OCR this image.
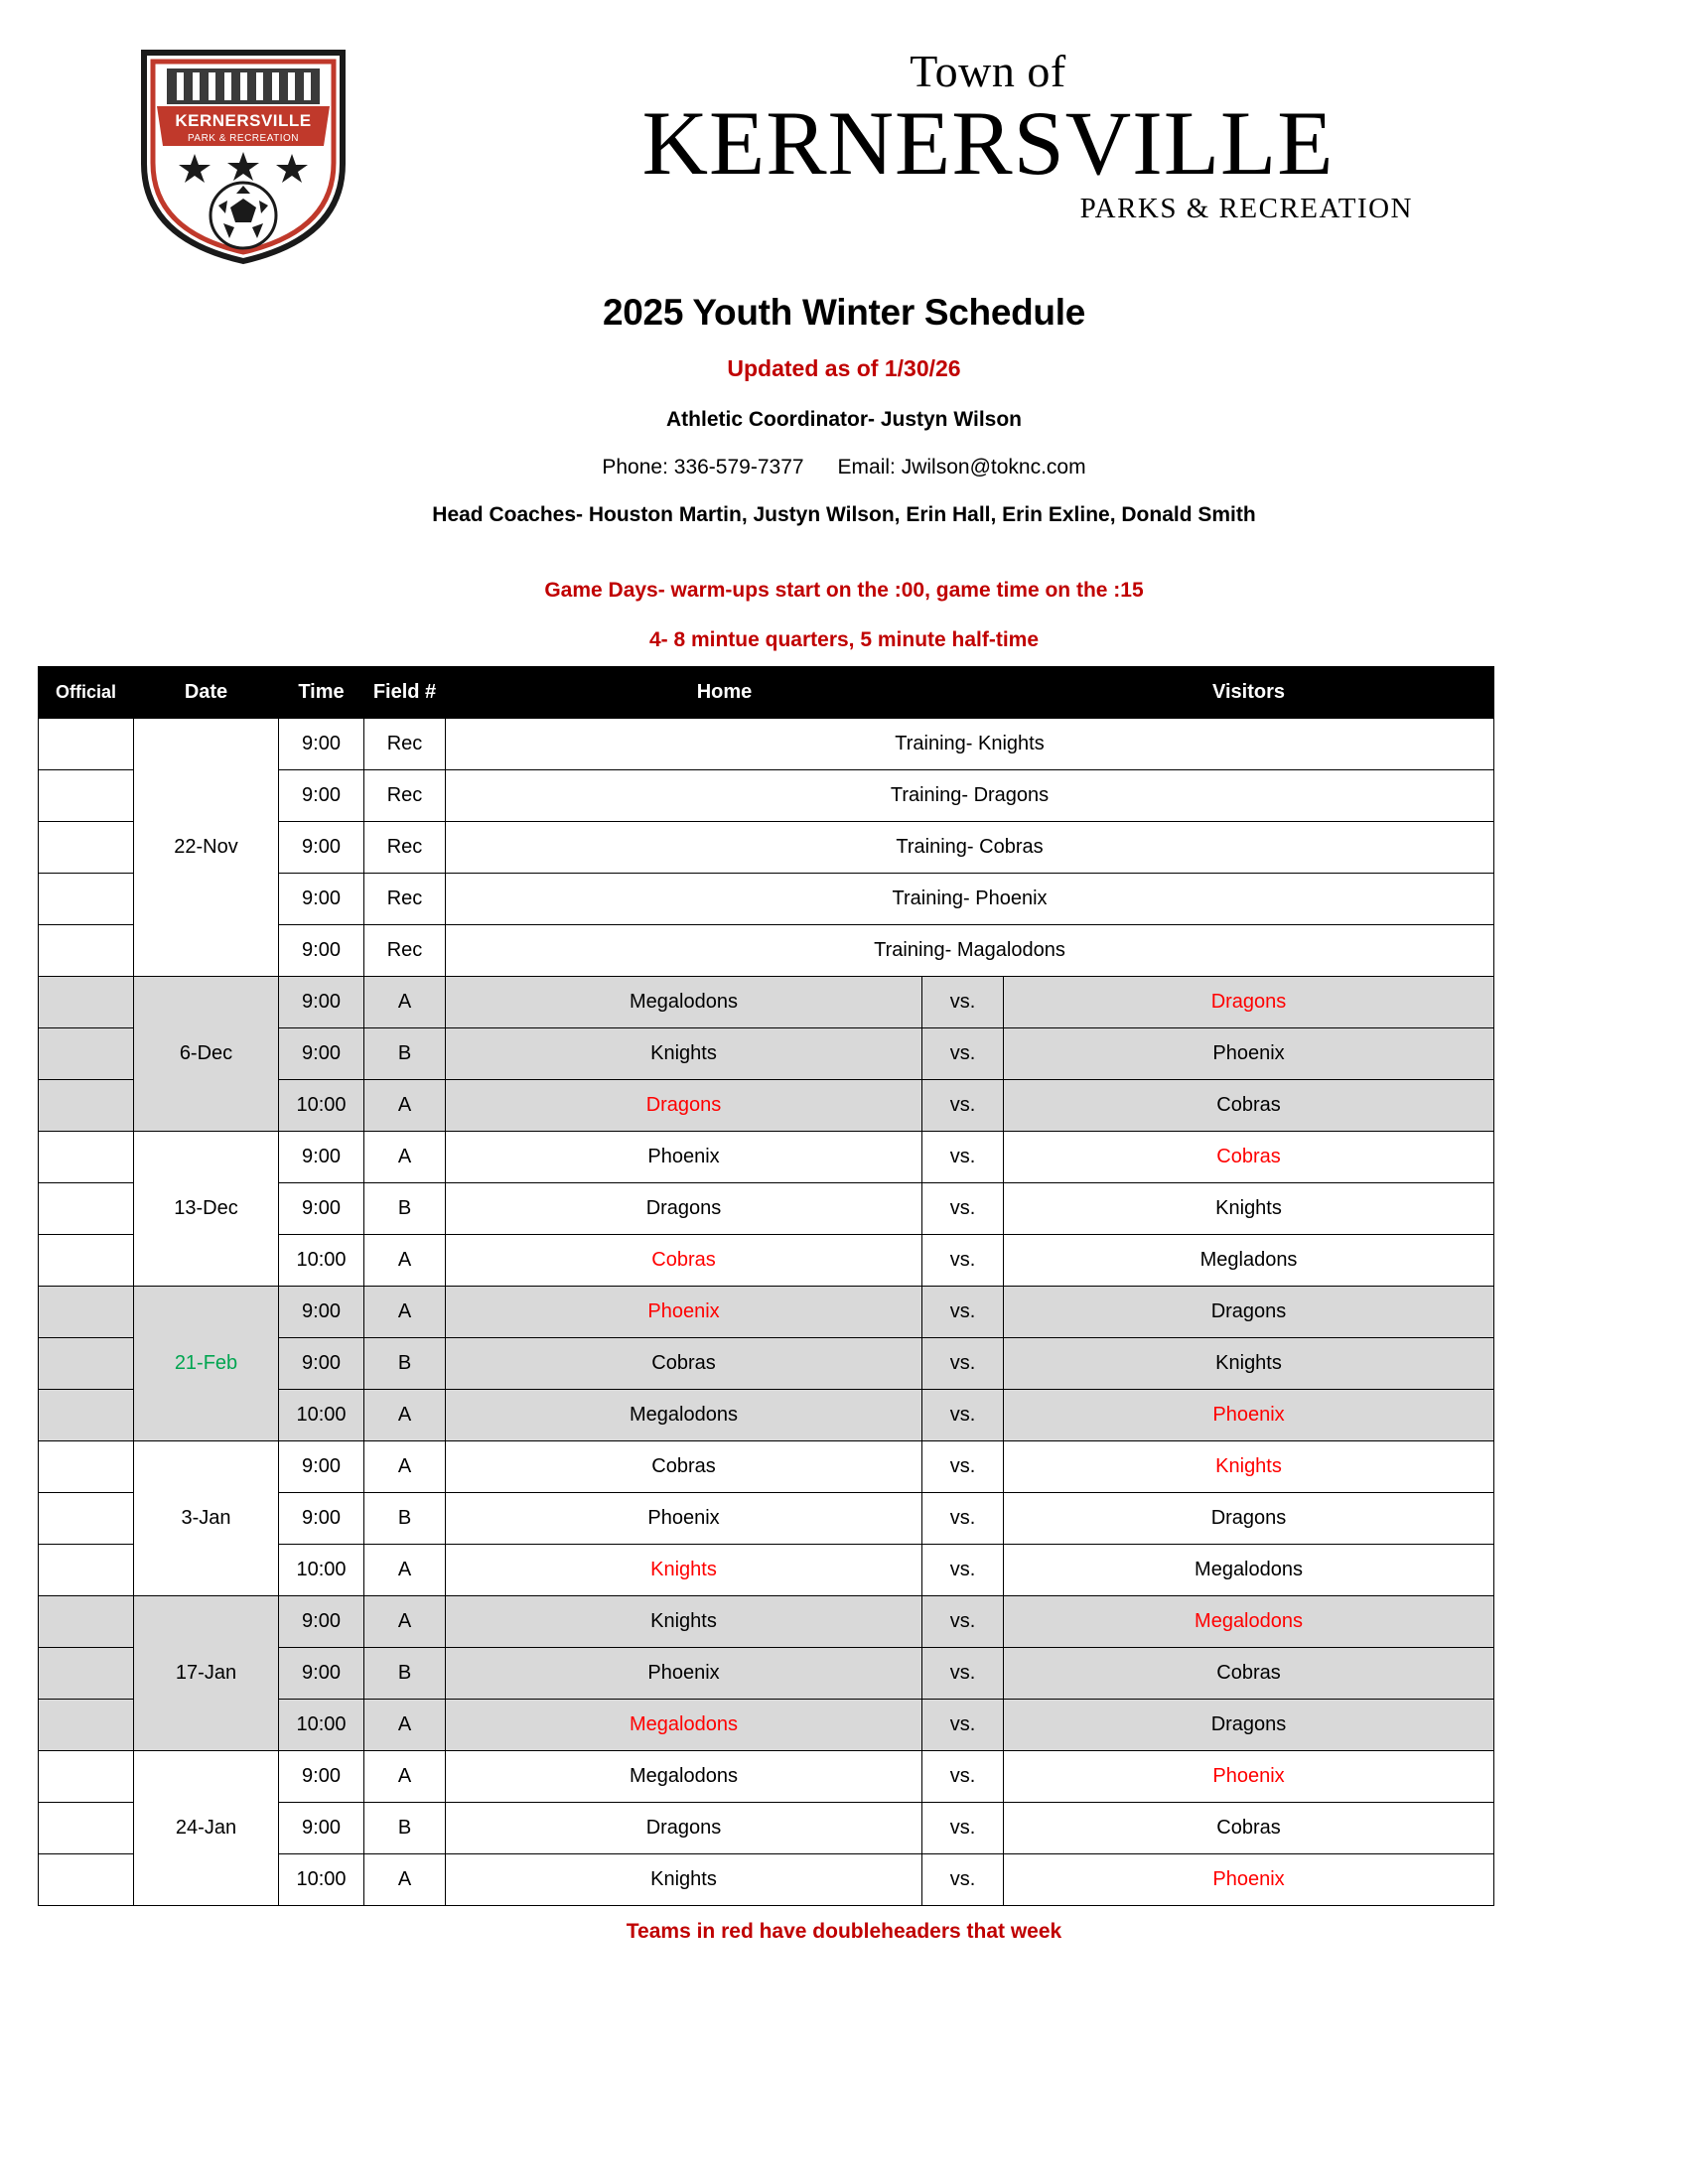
KERNERSVILLE
PARK & RECREATION
Town of
KERNERSVILLE
PARKS & RECREATION
2025 Youth Winter Schedule
Updated as of 1/30/26
Athletic Coordinator- Justyn Wilson
Phone: 336-579-7377 Email: Jwilson@toknc.com
Head Coaches- Houston Martin, Justyn Wilson, Erin Hall, Erin Exline, Donald Smith
Game Days- warm-ups start on the :00, game time on the :15
4- 8 mintue quarters, 5 minute half-time
Official	Date	Time	Field #	Home		Visitors
	22-Nov	9:00	Rec	Training- Knights		
		9:00	Rec	Training- Dragons		
		9:00	Rec	Training- Cobras		
		9:00	Rec	Training- Phoenix		
		9:00	Rec	Training- Magalodons		
	6-Dec	9:00	A	Megalodons	vs.	Dragons
		9:00	B	Knights	vs.	Phoenix
		10:00	A	Dragons	vs.	Cobras
	13-Dec	9:00	A	Phoenix	vs.	Cobras
		9:00	B	Dragons	vs.	Knights
		10:00	A	Cobras	vs.	Megladons
	21-Feb	9:00	A	Phoenix	vs.	Dragons
		9:00	B	Cobras	vs.	Knights
		10:00	A	Megalodons	vs.	Phoenix
	3-Jan	9:00	A	Cobras	vs.	Knights
		9:00	B	Phoenix	vs.	Dragons
		10:00	A	Knights	vs.	Megalodons
	17-Jan	9:00	A	Knights	vs.	Megalodons
		9:00	B	Phoenix	vs.	Cobras
		10:00	A	Megalodons	vs.	Dragons
	24-Jan	9:00	A	Megalodons	vs.	Phoenix
		9:00	B	Dragons	vs.	Cobras
		10:00	A	Knights	vs.	Phoenix
Teams in red have doubleheaders that week
